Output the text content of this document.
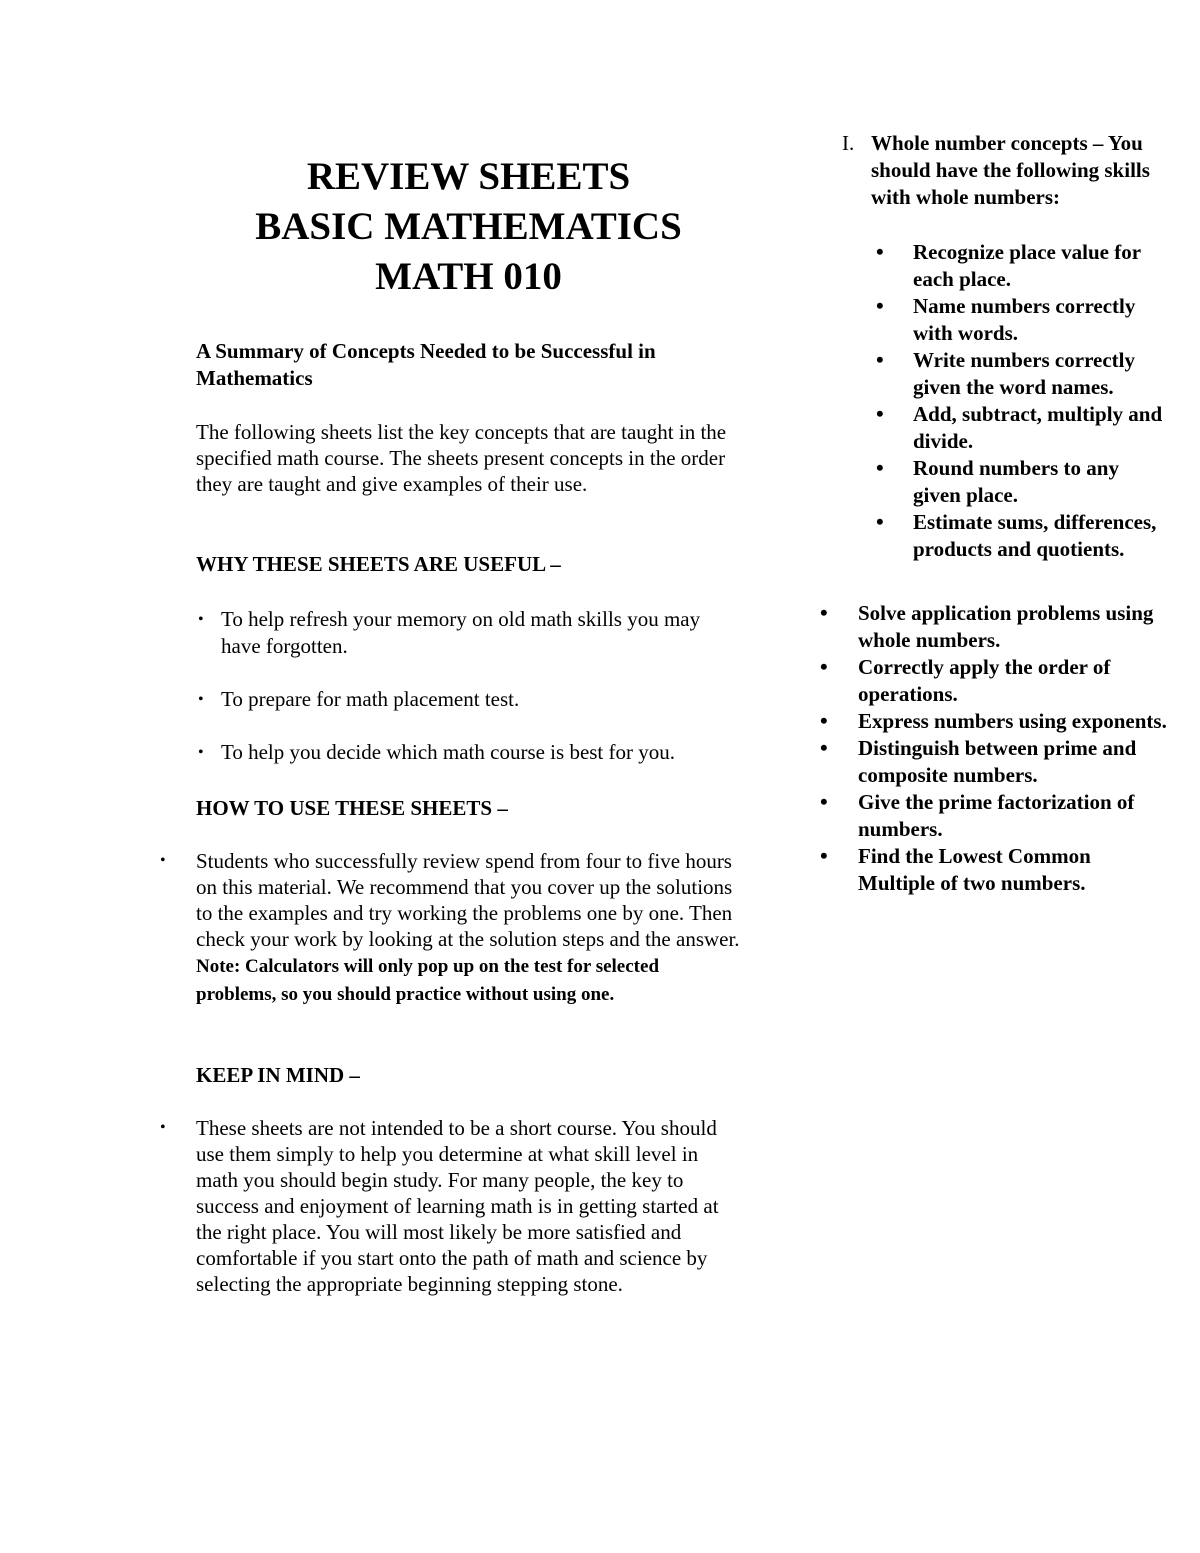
REVIEW SHEETS
BASIC MATHEMATICS
MATH 010
A Summary of Concepts Needed to be Successful in Mathematics
The following sheets list the key concepts that are taught in the specified math course. The sheets present concepts in the order they are taught and give examples of their use.
WHY THESE SHEETS ARE USEFUL –
• To help refresh your memory on old math skills you may have forgotten.
• To prepare for math placement test.
• To help you decide which math course is best for you.
HOW TO USE THESE SHEETS –
• Students who successfully review spend from four to five hours on this material. We recommend that you cover up the solutions to the examples and try working the problems one by one. Then check your work by looking at the solution steps and the answer. Note: Calculators will only pop up on the test for selected problems, so you should practice without using one.
KEEP IN MIND –
• These sheets are not intended to be a short course. You should use them simply to help you determine at what skill level in math you should begin study. For many people, the key to success and enjoyment of learning math is in getting started at the right place. You will most likely be more satisfied and comfortable if you start onto the path of math and science by selecting the appropriate beginning stepping stone.
I. Whole number concepts – You should have the following skills with whole numbers:
• Recognize place value for each place.
• Name numbers correctly with words.
• Write numbers correctly given the word names.
• Add, subtract, multiply and divide.
• Round numbers to any given place.
• Estimate sums, differences, products and quotients.
• Solve application problems using whole numbers.
• Correctly apply the order of operations.
• Express numbers using exponents.
• Distinguish between prime and composite numbers.
• Give the prime factorization of numbers.
• Find the Lowest Common Multiple of two numbers.
